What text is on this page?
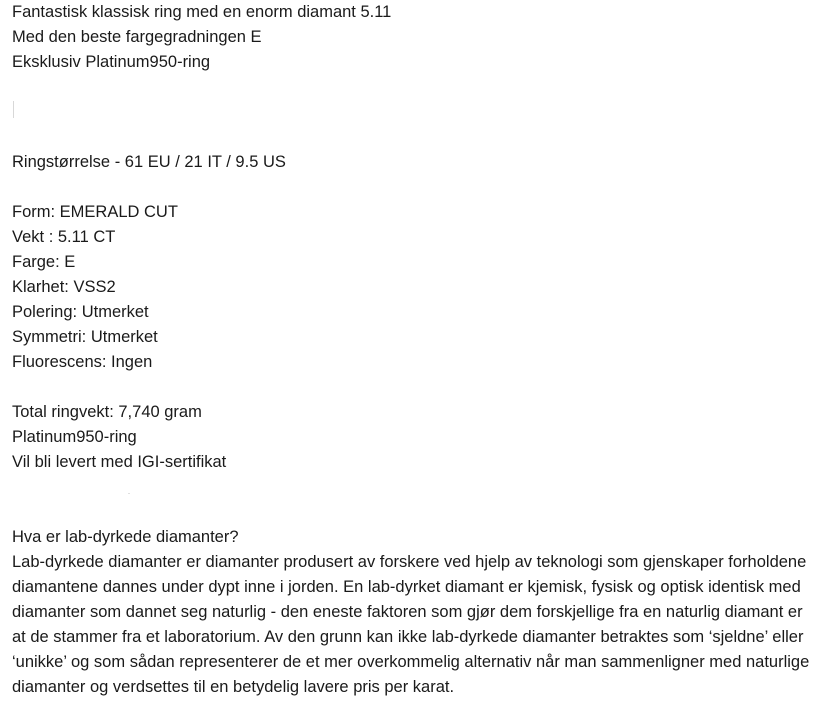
Fantastisk klassisk ring med en enorm diamant 5.11
Med den beste fargegradningen E
Eksklusiv Platinum950-ring
Ringstørrelse - 61 EU / 21 IT / 9.5 US
Form: EMERALD CUT
Vekt : 5.11 CT
Farge: E
Klarhet: VSS2
Polering: Utmerket
Symmetri: Utmerket
Fluorescens: Ingen
Total ringvekt: 7,740 gram
Platinum950-ring
Vil bli levert med IGI-sertifikat
Hva er lab-dyrkede diamanter?
Lab-dyrkede diamanter er diamanter produsert av forskere ved hjelp av teknologi som gjenskaper forholdene diamantene dannes under dypt inne i jorden. En lab-dyrket diamant er kjemisk, fysisk og optisk identisk med diamanter som dannet seg naturlig - den eneste faktoren som gjør dem forskjellige fra en naturlig diamant er at de stammer fra et laboratorium. Av den grunn kan ikke lab-dyrkede diamanter betraktes som ‘sjeldne’ eller ‘unikke’ og som sådan representerer de et mer overkommelig alternativ når man sammenligner med naturlige diamanter og verdsettes til en betydelig lavere pris per karat.
